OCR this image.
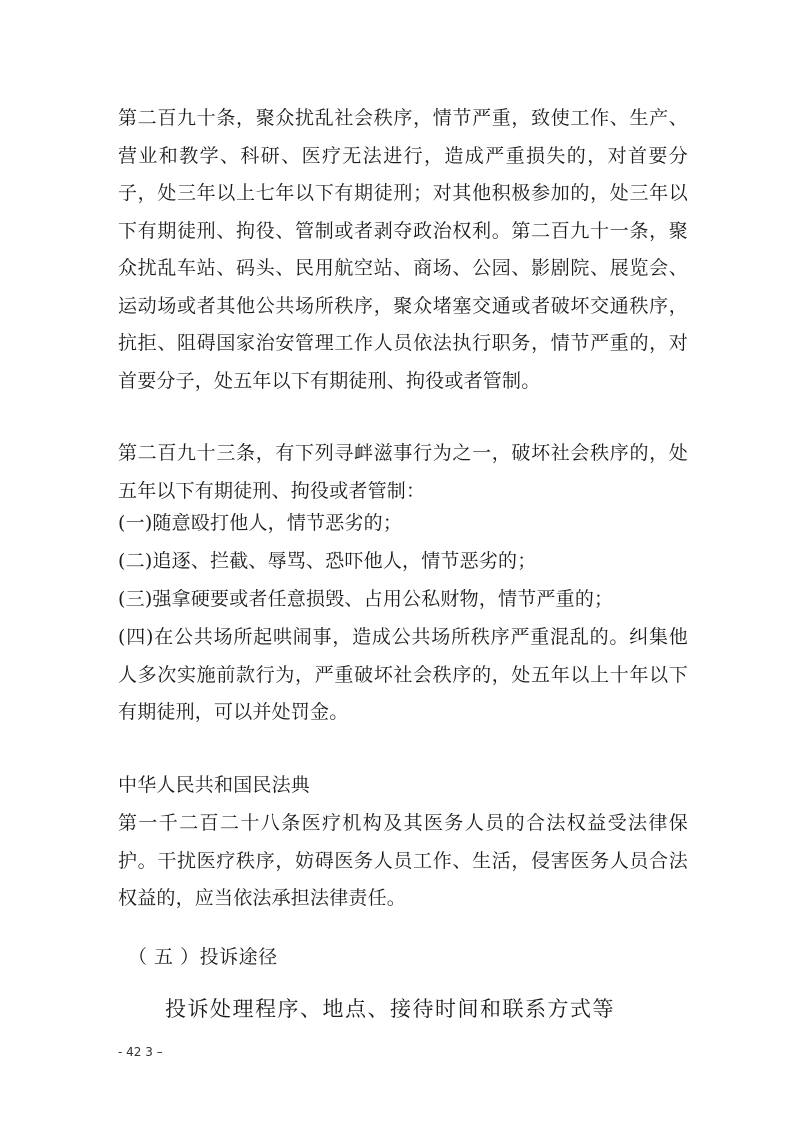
第二百九十条，聚众扰乱社会秩序，情节严重，致使工作、生产、营业和教学、科研、医疗无法进行，造成严重损失的，对首要分子，处三年以上七年以下有期徒刑；对其他积极参加的，处三年以下有期徒刑、拘役、管制或者剥夺政治权利。第二百九十一条，聚众扰乱车站、码头、民用航空站、商场、公园、影剧院、展览会、运动场或者其他公共场所秩序，聚众堵塞交通或者破坏交通秩序，抗拒、阻碍国家治安管理工作人员依法执行职务，情节严重的，对首要分子，处五年以下有期徒刑、拘役或者管制。

第二百九十三条，有下列寻衅滋事行为之一，破坏社会秩序的，处五年以下有期徒刑、拘役或者管制：

(一)随意殴打他人，情节恶劣的；

(二)追逐、拦截、辱骂、恐吓他人，情节恶劣的；

(三)强拿硬要或者任意损毁、占用公私财物，情节严重的；

(四)在公共场所起哄闹事，造成公共场所秩序严重混乱的。纠集他人多次实施前款行为，严重破坏社会秩序的，处五年以上十年以下有期徒刑，可以并处罚金。

中华人民共和国民法典

第一千二百二十八条医疗机构及其医务人员的合法权益受法律保护。干扰医疗秩序，妨碍医务人员工作、生活，侵害医务人员合法权益的，应当依法承担法律责任。

（ 五 ）投诉途径

投诉处理程序、地点、接待时间和联系方式等

- 42 3 –
